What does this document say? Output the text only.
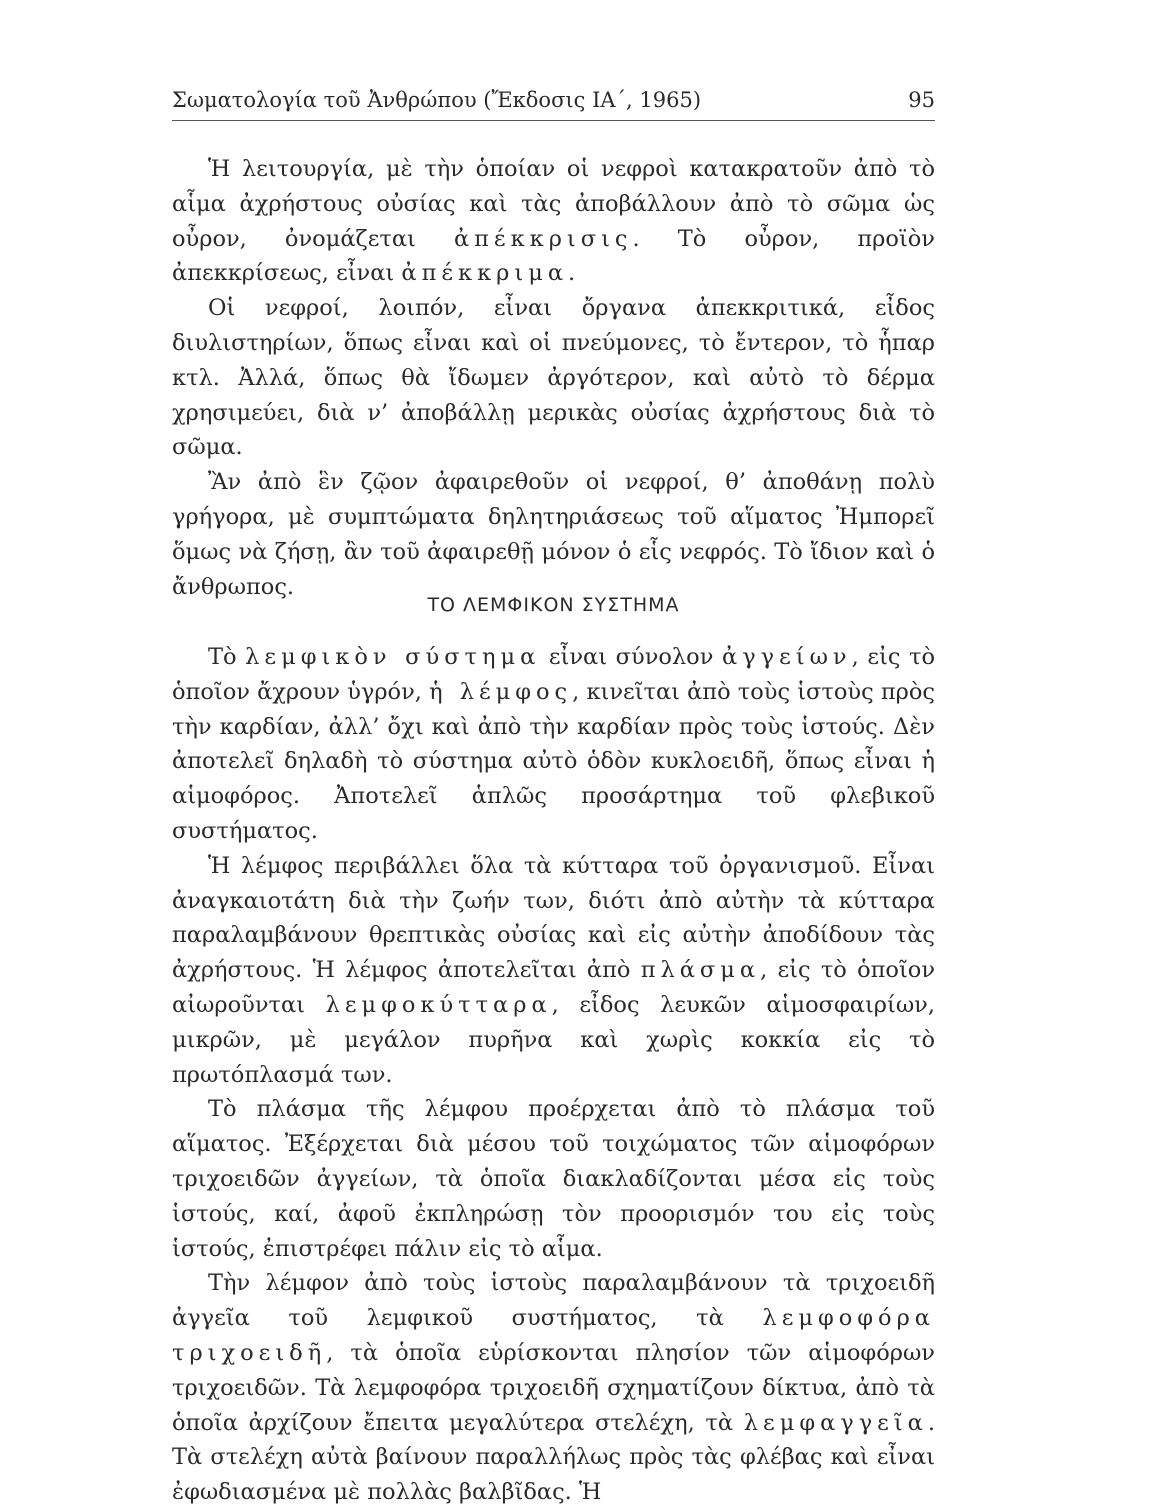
Σωματολογία τοῦ Ἀνθρώπου (Ἔκδοσις ΙΑ΄, 1965)	95

Ἡ λειτουργία, μὲ τὴν ὁποίαν οἱ νεφροὶ κατακρατοῦν ἀπὸ τὸ αἷμα ἀχρήστους οὐσίας καὶ τὰς ἀποβάλλουν ἀπὸ τὸ σῶμα ὡς οὖρον, ὀνομάζεται ἀπέκκρισις. Τὸ οὖρον, προϊὸν ἀπεκκρίσεως, εἶναι ἀπέκκριμα.

Οἱ νεφροί, λοιπόν, εἶναι ὄργανα ἀπεκκριτικά, εἶδος διυλιστηρίων, ὅπως εἶναι καὶ οἱ πνεύμονες, τὸ ἔντερον, τὸ ἧπαρ κτλ. Ἀλλά, ὅπως θὰ ἴδωμεν ἀργότερον, καὶ αὐτὸ τὸ δέρμα χρησιμεύει, διὰ ν’ ἀποβάλλῃ μερικὰς οὐσίας ἀχρήστους διὰ τὸ σῶμα.

Ἂν ἀπὸ ἓν ζῷον ἀφαιρεθοῦν οἱ νεφροί, θ’ ἀποθάνῃ πολὺ γρήγορα, μὲ συμπτώματα δηλητηριάσεως τοῦ αἵματος Ἠμπορεῖ ὅμως νὰ ζήσῃ, ἂν τοῦ ἀφαιρεθῇ μόνον ὁ εἷς νεφρός. Τὸ ἴδιον καὶ ὁ ἄνθρωπος.

ΤΟ ΛΕΜΦΙΚΟΝ ΣΥΣΤΗΜΑ

Τὸ λεμφικὸν σύστημα εἶναι σύνολον ἀγγείων, εἰς τὸ ὁποῖον ἄχρουν ὑγρόν, ἡ λέμφος, κινεῖται ἀπὸ τοὺς ἱστοὺς πρὸς τὴν καρδίαν, ἀλλ’ ὄχι καὶ ἀπὸ τὴν καρδίαν πρὸς τοὺς ἱστούς. Δὲν ἀποτελεῖ δηλαδὴ τὸ σύστημα αὐτὸ ὁδὸν κυκλοειδῆ, ὅπως εἶναι ἡ αἱμοφόρος. Ἀποτελεῖ ἁπλῶς προσάρτημα τοῦ φλεβικοῦ συστήματος.

Ἡ λέμφος περιβάλλει ὅλα τὰ κύτταρα τοῦ ὀργανισμοῦ. Εἶναι ἀναγκαιοτάτη διὰ τὴν ζωήν των, διότι ἀπὸ αὐτὴν τὰ κύτταρα παραλαμβάνουν θρεπτικὰς οὐσίας καὶ εἰς αὐτὴν ἀποδίδουν τὰς ἀχρήστους. Ἡ λέμφος ἀποτελεῖται ἀπὸ πλάσμα, εἰς τὸ ὁποῖον αἰωροῦνται λεμφοκύτταρα, εἶδος λευκῶν αἱμοσφαιρίων, μικρῶν, μὲ μεγάλον πυρῆνα καὶ χωρὶς κοκκία εἰς τὸ πρωτόπλασμά των.

Τὸ πλάσμα τῆς λέμφου προέρχεται ἀπὸ τὸ πλάσμα τοῦ αἵματος. Ἐξέρχεται διὰ μέσου τοῦ τοιχώματος τῶν αἱμοφόρων τριχοειδῶν ἀγγείων, τὰ ὁποῖα διακλαδίζονται μέσα εἰς τοὺς ἱστούς, καί, ἀφοῦ ἐκπληρώσῃ τὸν προορισμόν του εἰς τοὺς ἱστούς, ἐπιστρέφει πάλιν εἰς τὸ αἷμα.

Τὴν λέμφον ἀπὸ τοὺς ἱστοὺς παραλαμβάνουν τὰ τριχοειδῆ ἀγγεῖα τοῦ λεμφικοῦ συστήματος, τὰ λεμφοφόρα τριχοειδῆ, τὰ ὁποῖα εὑρίσκονται πλησίον τῶν αἱμοφόρων τριχοειδῶν. Τὰ λεμφοφόρα τριχοειδῆ σχηματίζουν δίκτυα, ἀπὸ τὰ ὁποῖα ἀρχίζουν ἔπειτα μεγαλύτερα στελέχη, τὰ λεμφαγγεῖα. Τὰ στελέχη αὐτὰ βαίνουν παραλλήλως πρὸς τὰς φλέβας καὶ εἶναι ἐφωδιασμένα μὲ πολλὰς βαλβῖδας. Ἡ
